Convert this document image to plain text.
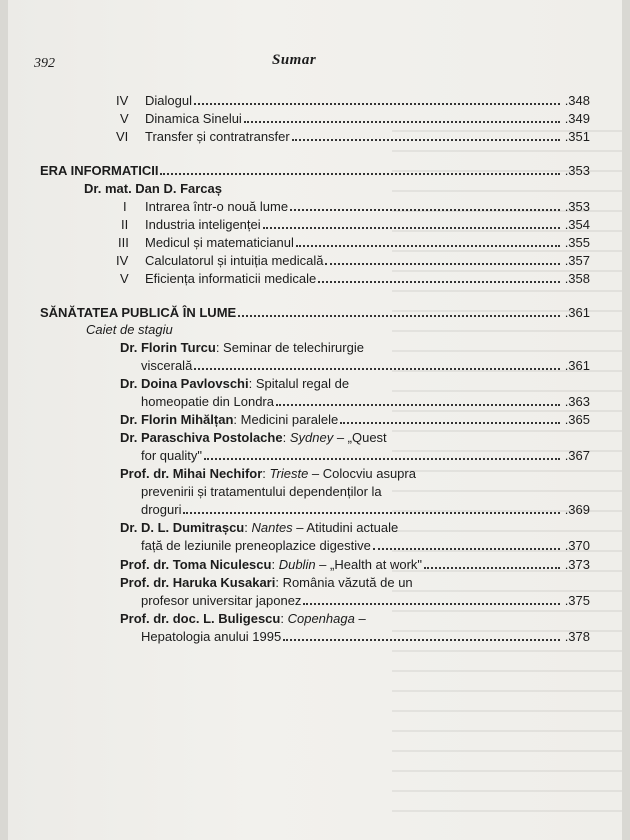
392	Sumar
IV Dialogul	.348
V Dinamica Sinelui	.349
VI Transfer și contratransfer	.351
ERA INFORMATICII	.353
Dr. mat. Dan D. Farcaș
I Intrarea într-o nouă lume	.353
II Industria inteligenței	.354
III Medicul și matematicianul	.355
IV Calculatorul și intuiția medicală	.357
V Eficiența informaticii medicale	.358
SĂNĂTATEA PUBLICĂ ÎN LUME	.361
Caiet de stagiu
Dr. Florin Turcu: Seminar de telechirurgie
viscerală	.361
Dr. Doina Pavlovschi: Spitalul regal de
homeopatie din Londra	.363
Dr. Florin Mihălțan: Medicini paralele	.365
Dr. Paraschiva Postolache: Sydney – „Quest
for quality"	.367
Prof. dr. Mihai Nechifor: Trieste – Colocviu asupra
prevenirii și tratamentului dependenților la
droguri	.369
Dr. D. L. Dumitrașcu: Nantes – Atitudini actuale
față de leziunile preneoplazice digestive	.370
Prof. dr. Toma Niculescu: Dublin – „Health at work"	.373
Prof. dr. Haruka Kusakari: România văzută de un
profesor universitar japonez	.375
Prof. dr. doc. L. Buligescu: Copenhaga –
Hepatologia anului 1995	.378
